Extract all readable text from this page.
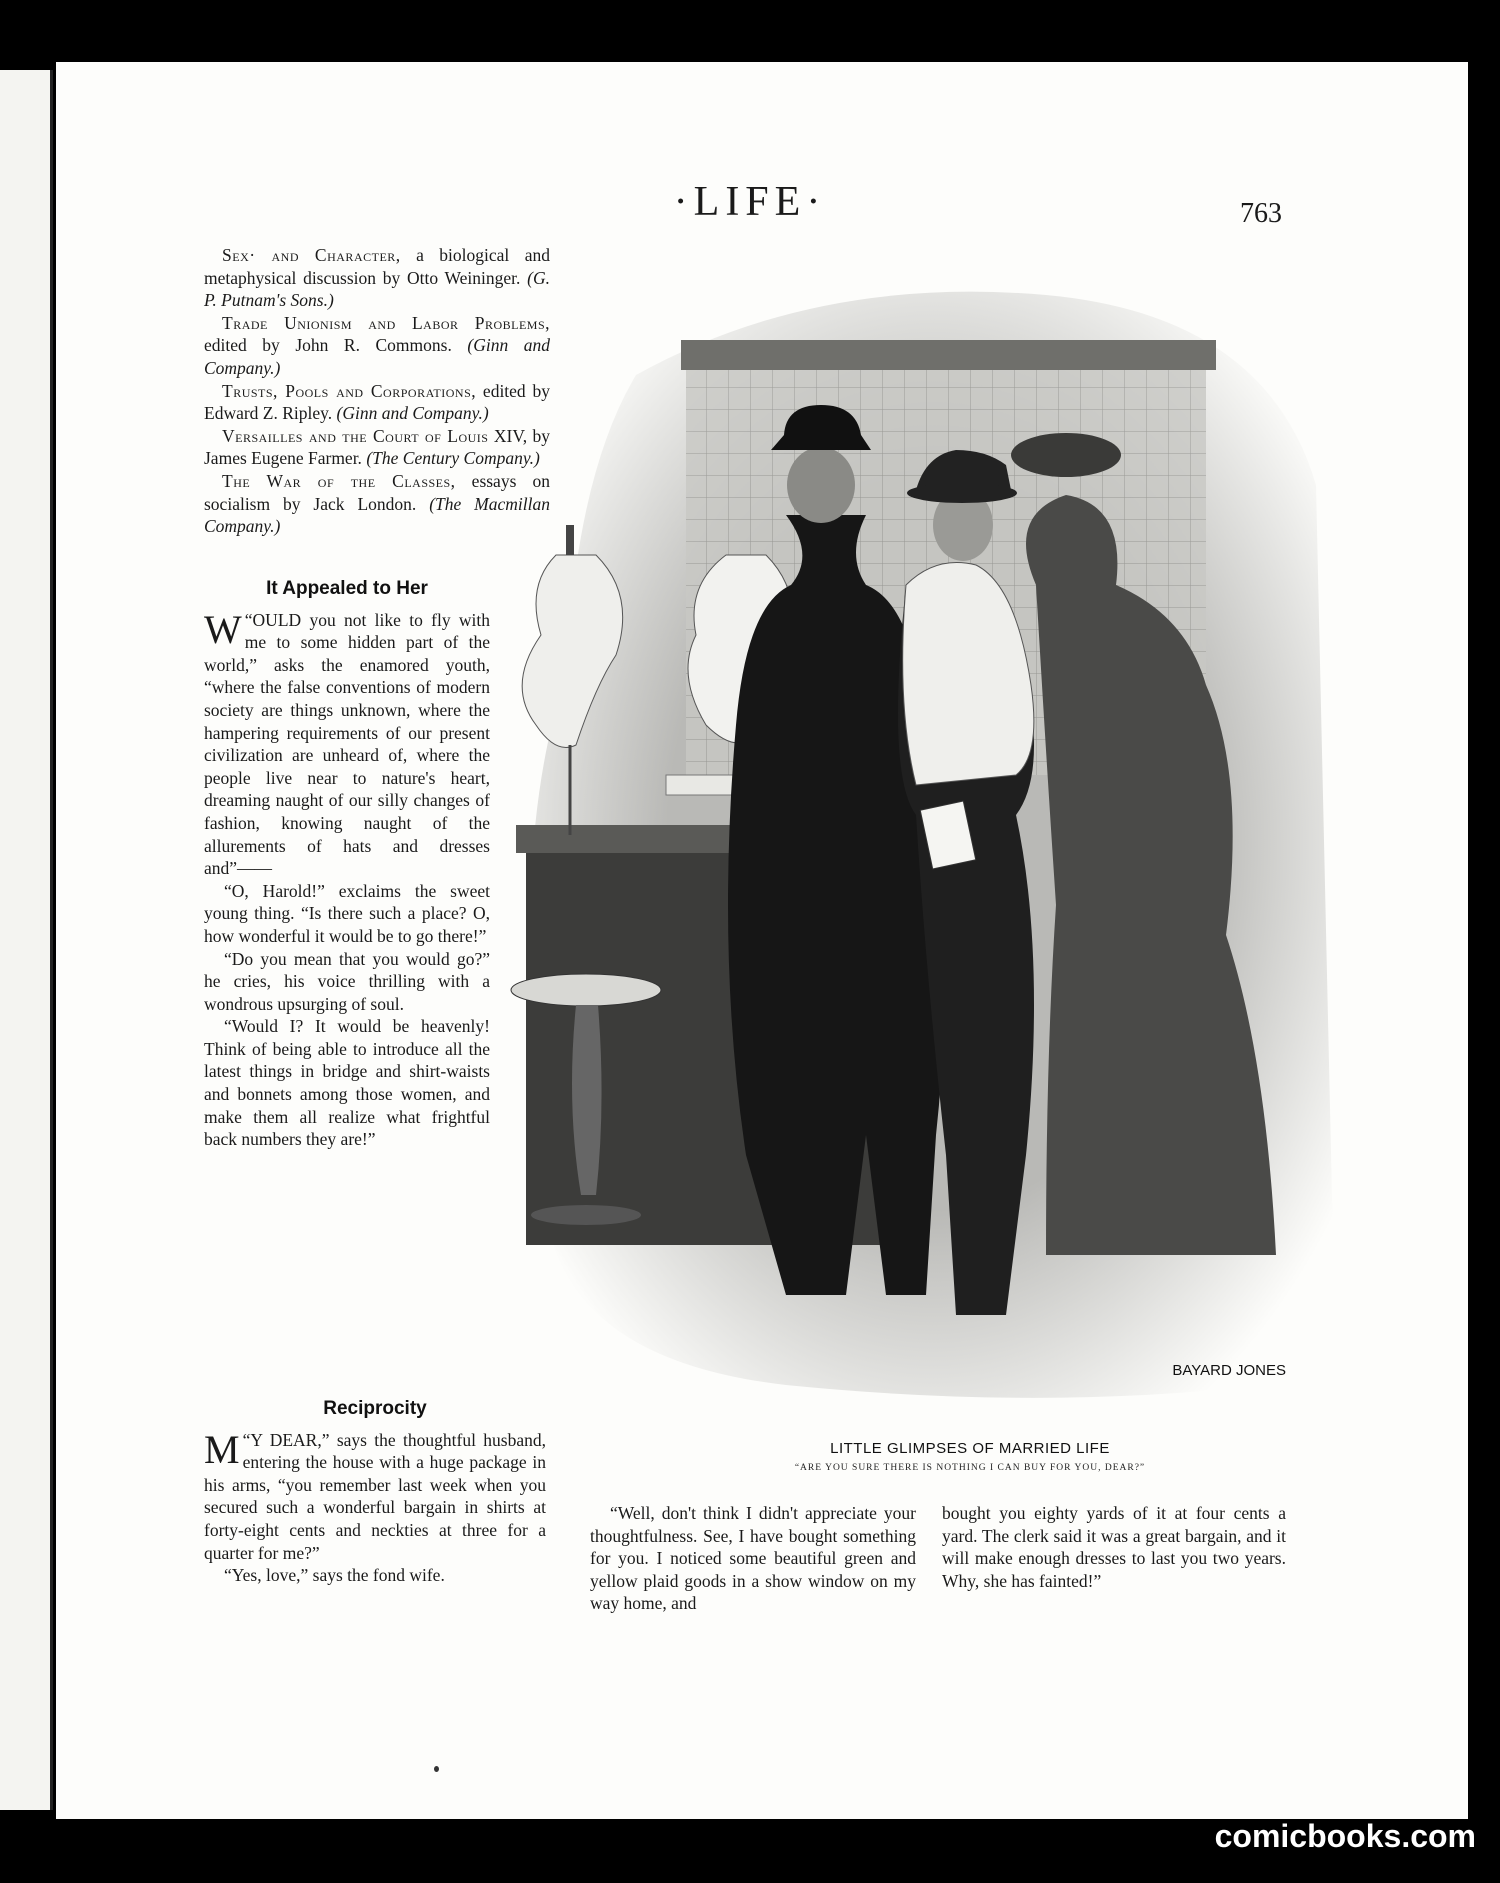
·LIFE·	763

Sex· and Character, a biological and metaphysical discussion by Otto Weininger. (G. P. Putnam's Sons.)

Trade Unionism and Labor Problems, edited by John R. Commons. (Ginn and Company.)

Trusts, Pools and Corporations, edited by Edward Z. Ripley. (Ginn and Company.)

Versailles and the Court of Louis XIV, by James Eugene Farmer. (The Century Company.)

The War of the Classes, essays on socialism by Jack London. (The Macmillan Company.)

It Appealed to Her

“
W OULD you not like to fly with me to some hidden part of the world,” asks the enamored youth, “where the false conventions of modern society are things unknown, where the hampering requirements of our present civilization are unheard of, where the people live near to nature's heart, dreaming naught of our silly changes of fashion, knowing naught of the allurements of hats and dresses and”——

“O, Harold!” exclaims the sweet young thing. “Is there such a place? O, how wonderful it would be to go there!”

“Do you mean that you would go?” he cries, his voice thrilling with a wondrous upsurging of soul.

“Would I? It would be heavenly! Think of being able to introduce all the latest things in bridge and shirt-waists and bonnets among those women, and make them all realize what frightful back numbers they are!”

BAYARD JONES
LITTLE GLIMPSES OF MARRIED LIFE
“ARE YOU SURE THERE IS NOTHING I CAN BUY FOR YOU, DEAR?”
Reciprocity

“
M Y DEAR,” says the thoughtful husband, entering the house with a huge package in his arms, “you remember last week when you secured such a wonderful bargain in shirts at forty-eight cents and neckties at three for a quarter for me?”

“Yes, love,” says the fond wife.

“Well, don't think I didn't appreciate your thoughtfulness. See, I have bought something for you. I noticed some beautiful green and yellow plaid goods in a show window on my way home, and

bought you eighty yards of it at four cents a yard. The clerk said it was a great bargain, and it will make enough dresses to last you two years. Why, she has fainted!”

comicbooks.com
